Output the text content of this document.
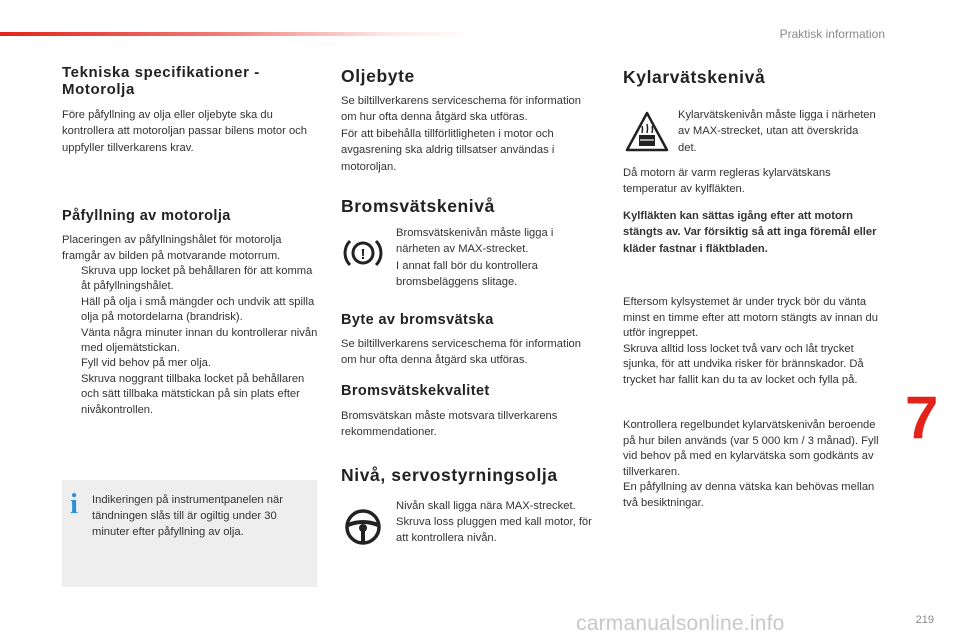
Praktisk information
Tekniska specifikationer -
Motorolja

Före påfyllning av olja eller oljebyte ska du kontrollera att motoroljan passar bilens motor och uppfyller tillverkarens krav.

Påfyllning av motorolja

Placeringen av påfyllningshålet för motorolja framgår av bilden på motvarande motorrum.

Skruva upp locket på behållaren för att komma åt påfyllningshålet.
Häll på olja i små mängder och undvik att spilla olja på motordelarna (brandrisk).
Vänta några minuter innan du kontrollerar nivån med oljemätstickan.
Fyll vid behov på mer olja.
Skruva noggrant tillbaka locket på behållaren och sätt tillbaka mätstickan på sin plats efter nivåkontrollen.
i Indikeringen på instrumentpanelen när tändningen slås till är ogiltig under 30 minuter efter påfyllning av olja.

Oljebyte

Se biltillverkarens serviceschema för information om hur ofta denna åtgärd ska utföras.
För att bibehålla tillförlitligheten i motor och avgasrening ska aldrig tillsatser användas i motoroljan.

Bromsvätskenivå
!

Bromsvätskenivån måste ligga i närheten av MAX-strecket.
I annat fall bör du kontrollera bromsbeläggens slitage.

Byte av bromsvätska

Se biltillverkarens serviceschema för information om hur ofta denna åtgärd ska utföras.

Bromsvätskekvalitet

Bromsvätskan måste motsvara tillverkarens rekommendationer.

Nivå, servostyrningsolja

Nivån skall ligga nära MAX-strecket. Skruva loss pluggen med kall motor, för att kontrollera nivån.

Kylarvätskenivå

Kylarvätskenivån måste ligga i närheten av MAX-strecket, utan att överskrida det.

Då motorn är varm regleras kylarvätskans temperatur av kylfläkten.

Kylfläkten kan sättas igång efter att motorn stängts av. Var försiktig så att inga föremål eller kläder fastnar i fläktbladen.

Eftersom kylsystemet är under tryck bör du vänta minst en timme efter att motorn stängts av innan du utför ingreppet.
Skruva alltid loss locket två varv och låt trycket sjunka, för att undvika risker för brännskador. Då trycket har fallit kan du ta av locket och fylla på.

Kontrollera regelbundet kylarvätskenivån beroende på hur bilen används (var 5 000 km / 3 månad). Fyll vid behov på med en kylarvätska som godkänts av tillverkaren.
En påfyllning av denna vätska kan behövas mellan två besiktningar.

7
219
carmanualsonline.info
